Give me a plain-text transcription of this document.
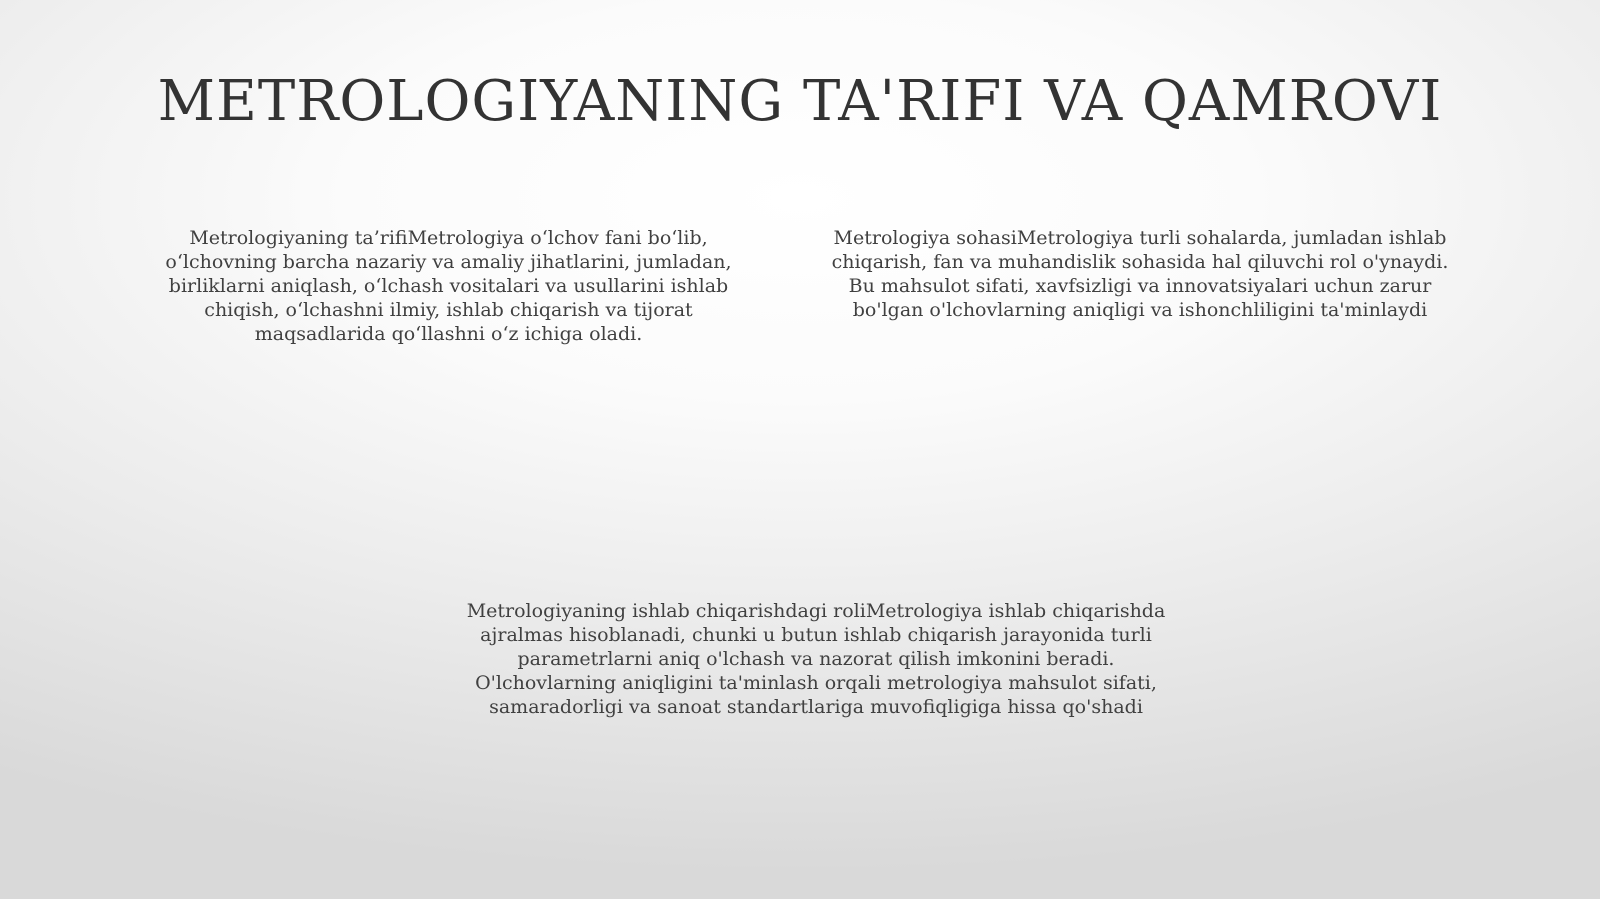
METROLOGIYANING TA'RIFI VA QAMROVI

Metrologiyaning ta’rifiMetrologiya o‘lchov fani bo‘lib, o‘lchovning barcha nazariy va amaliy jihatlarini, jumladan, birliklarni aniqlash, o‘lchash vositalari va usullarini ishlab chiqish, o‘lchashni ilmiy, ishlab chiqarish va tijorat maqsadlarida qo‘llashni o‘z ichiga oladi.

Metrologiya sohasiMetrologiya turli sohalarda, jumladan ishlab chiqarish, fan va muhandislik sohasida hal qiluvchi rol o'ynaydi. Bu mahsulot sifati, xavfsizligi va innovatsiyalari uchun zarur bo'lgan o'lchovlarning aniqligi va ishonchliligini ta'minlaydi

Metrologiyaning ishlab chiqarishdagi roliMetrologiya ishlab chiqarishda ajralmas hisoblanadi, chunki u butun ishlab chiqarish jarayonida turli parametrlarni aniq o'lchash va nazorat qilish imkonini beradi. O'lchovlarning aniqligini ta'minlash orqali metrologiya mahsulot sifati, samaradorligi va sanoat standartlariga muvofiqligiga hissa qo'shadi
